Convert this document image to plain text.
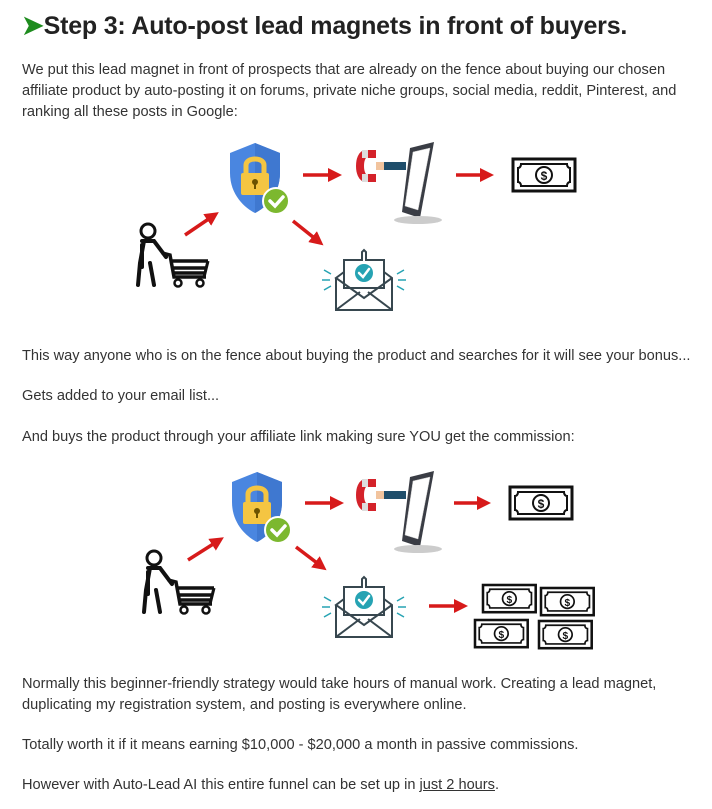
➤Step 3: Auto-post lead magnets in front of buyers.
We put this lead magnet in front of prospects that are already on the fence about buying our chosen
affiliate product by auto-posting it on forums, private niche groups, social media, reddit, Pinterest, and
ranking all these posts in Google:
This way anyone who is on the fence about buying the product and searches for it will see your bonus...
Gets added to your email list...
And buys the product through your affiliate link making sure YOU get the commission:
Normally this beginner-friendly strategy would take hours of manual work. Creating a lead magnet,
duplicating my registration system, and posting is everywhere online.
Totally worth it if it means earning $10,000 - $20,000 a month in passive commissions.
However with Auto-Lead AI this entire funnel can be set up in just 2 hours.
